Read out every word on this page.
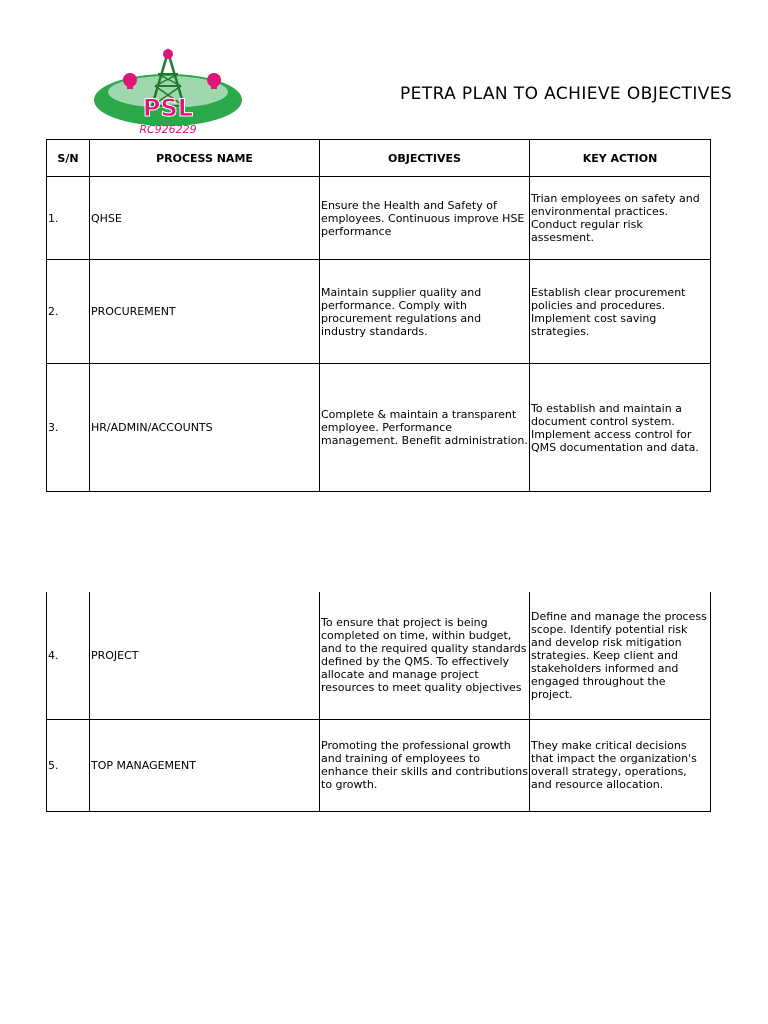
PSL
RC926229
PETRA PLAN TO ACHIEVE OBJECTIVES
S/N	PROCESS NAME	OBJECTIVES	KEY ACTION
1.	QHSE	Ensure the Health and Safety of employees. Continuous improve HSE performance	Trian employees on safety and environmental practices. Conduct regular risk assesment.
2.	PROCUREMENT	Maintain supplier quality and performance. Comply with procurement regulations and industry standards.	Establish clear procurement policies and procedures. Implement cost saving strategies.
3.	HR/ADMIN/ACCOUNTS	Complete & maintain a transparent employee. Performance management. Benefit administration.	To establish and maintain a document control system. Implement access control for QMS documentation and data.
4.	PROJECT	To ensure that project is being completed on time, within budget, and to the required quality standards defined by the QMS. To effectively allocate and manage project resources to meet quality objectives	Define and manage the process scope. Identify potential risk and develop risk mitigation strategies. Keep client and stakeholders informed and engaged throughout the project.
5.	TOP MANAGEMENT	Promoting the professional growth and training of employees to enhance their skills and contributions to growth.	They make critical decisions that impact the organization's overall strategy, operations, and resource allocation.
